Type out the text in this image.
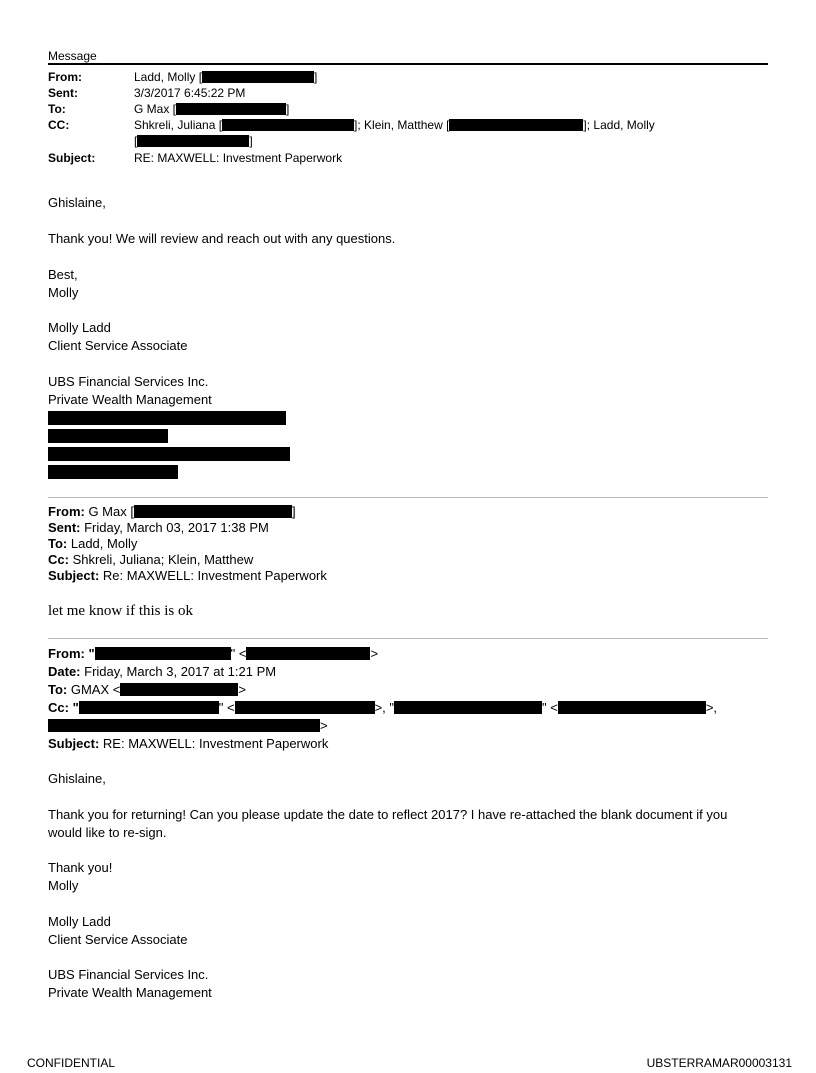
Message
From:	Ladd, Molly [	]
Sent:	3/3/2017 6:45:22 PM
To:	G Max [	]
CC:	Shkreli, Juliana [	]; Klein, Matthew [	]; Ladd, Molly
[	]
Subject:	RE: MAXWELL: Investment Paperwork
Ghislaine,
Thank you! We will review and reach out with any questions.
Best,
Molly
Molly Ladd
Client Service Associate
UBS Financial Services Inc.
Private Wealth Management
From: G Max [	]
Sent: Friday, March 03, 2017 1:38 PM
To: Ladd, Molly
Cc: Shkreli, Juliana; Klein, Matthew
Subject: Re: MAXWELL: Investment Paperwork
let me know if this is ok
From: "	" <	>
Date: Friday, March 3, 2017 at 1:21 PM
To: GMAX <	>
Cc: "	" <	>, "	" <	>,
>
Subject: RE: MAXWELL: Investment Paperwork
Ghislaine,
Thank you for returning! Can you please update the date to reflect 2017? I have re-attached the blank document if you
would like to re-sign.
Thank you!
Molly
Molly Ladd
Client Service Associate
UBS Financial Services Inc.
Private Wealth Management
CONFIDENTIAL	UBSTERRAMAR00003131
